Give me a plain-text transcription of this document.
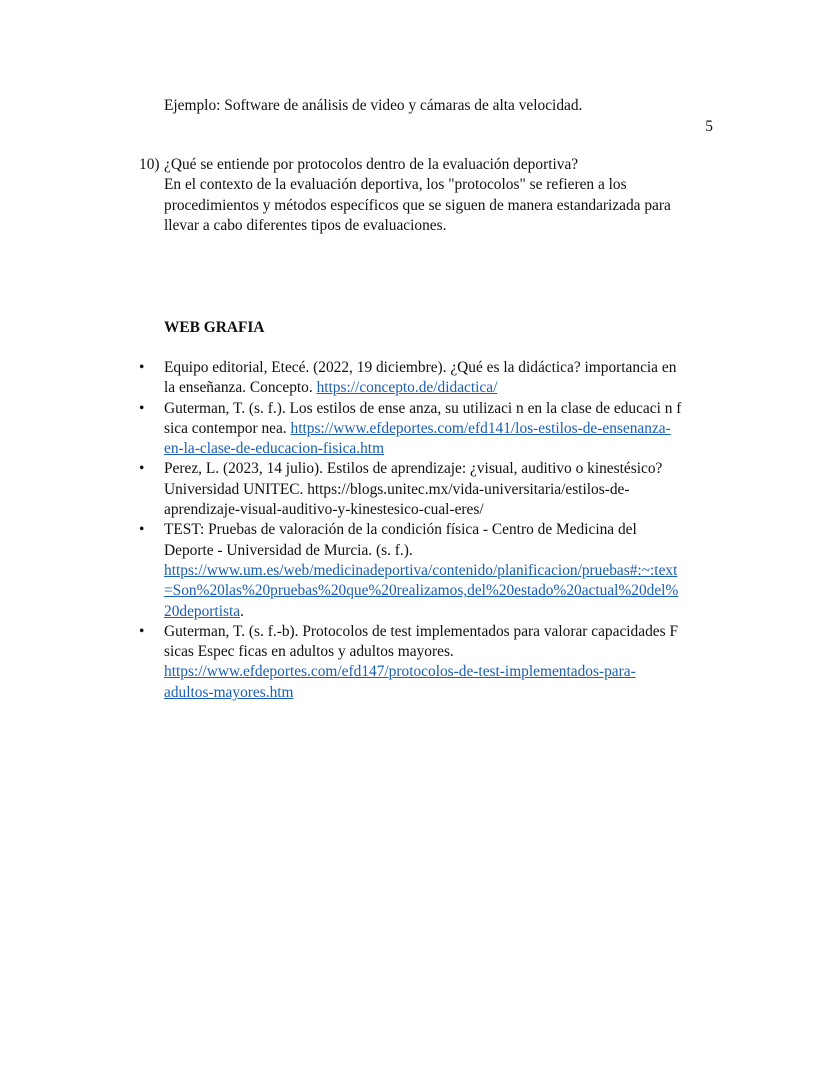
Ejemplo: Software de análisis de video y cámaras de alta velocidad.
5
10) ¿Qué se entiende por protocolos dentro de la evaluación deportiva?
En el contexto de la evaluación deportiva, los "protocolos" se refieren a los
procedimientos y métodos específicos que se siguen de manera estandarizada para
llevar a cabo diferentes tipos de evaluaciones.
WEB GRAFIA
• Equipo editorial, Etecé. (2022, 19 diciembre). ¿Qué es la didáctica? importancia en
la enseñanza. Concepto. https://concepto.de/didactica/
• Guterman, T. (s. f.). Los estilos de ense anza, su utilizaci n en la clase de educaci n f
sica contempor nea. https://www.efdeportes.com/efd141/los-estilos-de-ensenanza-
en-la-clase-de-educacion-fisica.htm
• Perez, L. (2023, 14 julio). Estilos de aprendizaje: ¿visual, auditivo o kinestésico?
Universidad UNITEC. https://blogs.unitec.mx/vida-universitaria/estilos-de-
aprendizaje-visual-auditivo-y-kinestesico-cual-eres/
• TEST: Pruebas de valoración de la condición física - Centro de Medicina del
Deporte - Universidad de Murcia. (s. f.).
https://www.um.es/web/medicinadeportiva/contenido/planificacion/pruebas#:~:text
=Son%20las%20pruebas%20que%20realizamos,del%20estado%20actual%20del%
20deportista.
• Guterman, T. (s. f.-b). Protocolos de test implementados para valorar capacidades F
sicas Espec ficas en adultos y adultos mayores.
https://www.efdeportes.com/efd147/protocolos-de-test-implementados-para-
adultos-mayores.htm
